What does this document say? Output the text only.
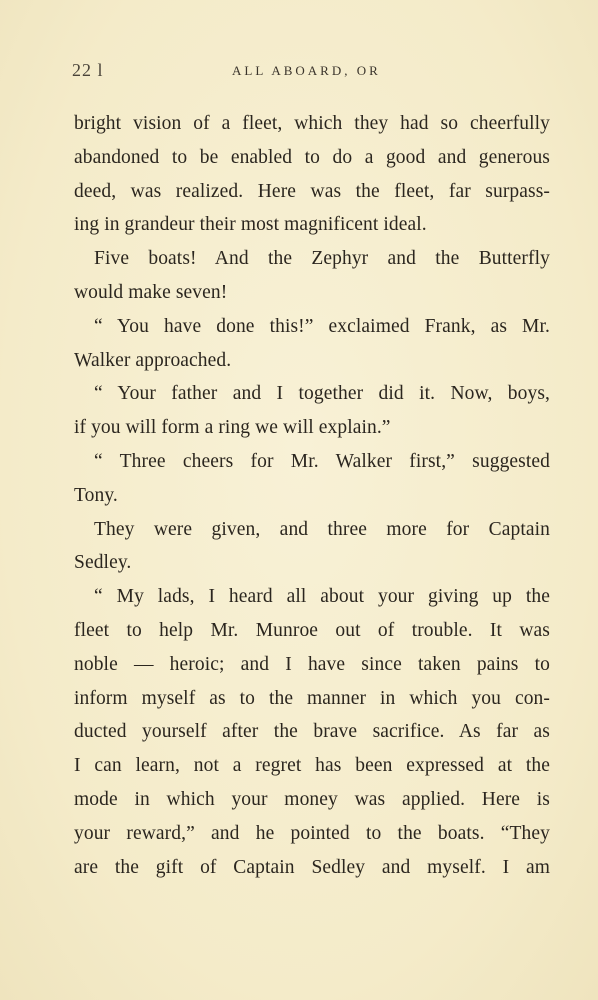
22 l	ALL ABOARD, OR
bright vision of a fleet, which they had so cheerfully
abandoned to be enabled to do a good and generous
deed, was realized. Here was the fleet, far surpass-
ing in grandeur their most magnificent ideal.
Five boats! And the Zephyr and the Butterfly
would make seven!
“ You have done this!” exclaimed Frank, as Mr.
Walker approached.
“ Your father and I together did it. Now, boys,
if you will form a ring we will explain.”
“ Three cheers for Mr. Walker first,” suggested
Tony.
They were given, and three more for Captain
Sedley.
“ My lads, I heard all about your giving up the
fleet to help Mr. Munroe out of trouble. It was
noble — heroic; and I have since taken pains to
inform myself as to the manner in which you con-
ducted yourself after the brave sacrifice. As far as
I can learn, not a regret has been expressed at the
mode in which your money was applied. Here is
your reward,” and he pointed to the boats. “They
are the gift of Captain Sedley and myself. I am
